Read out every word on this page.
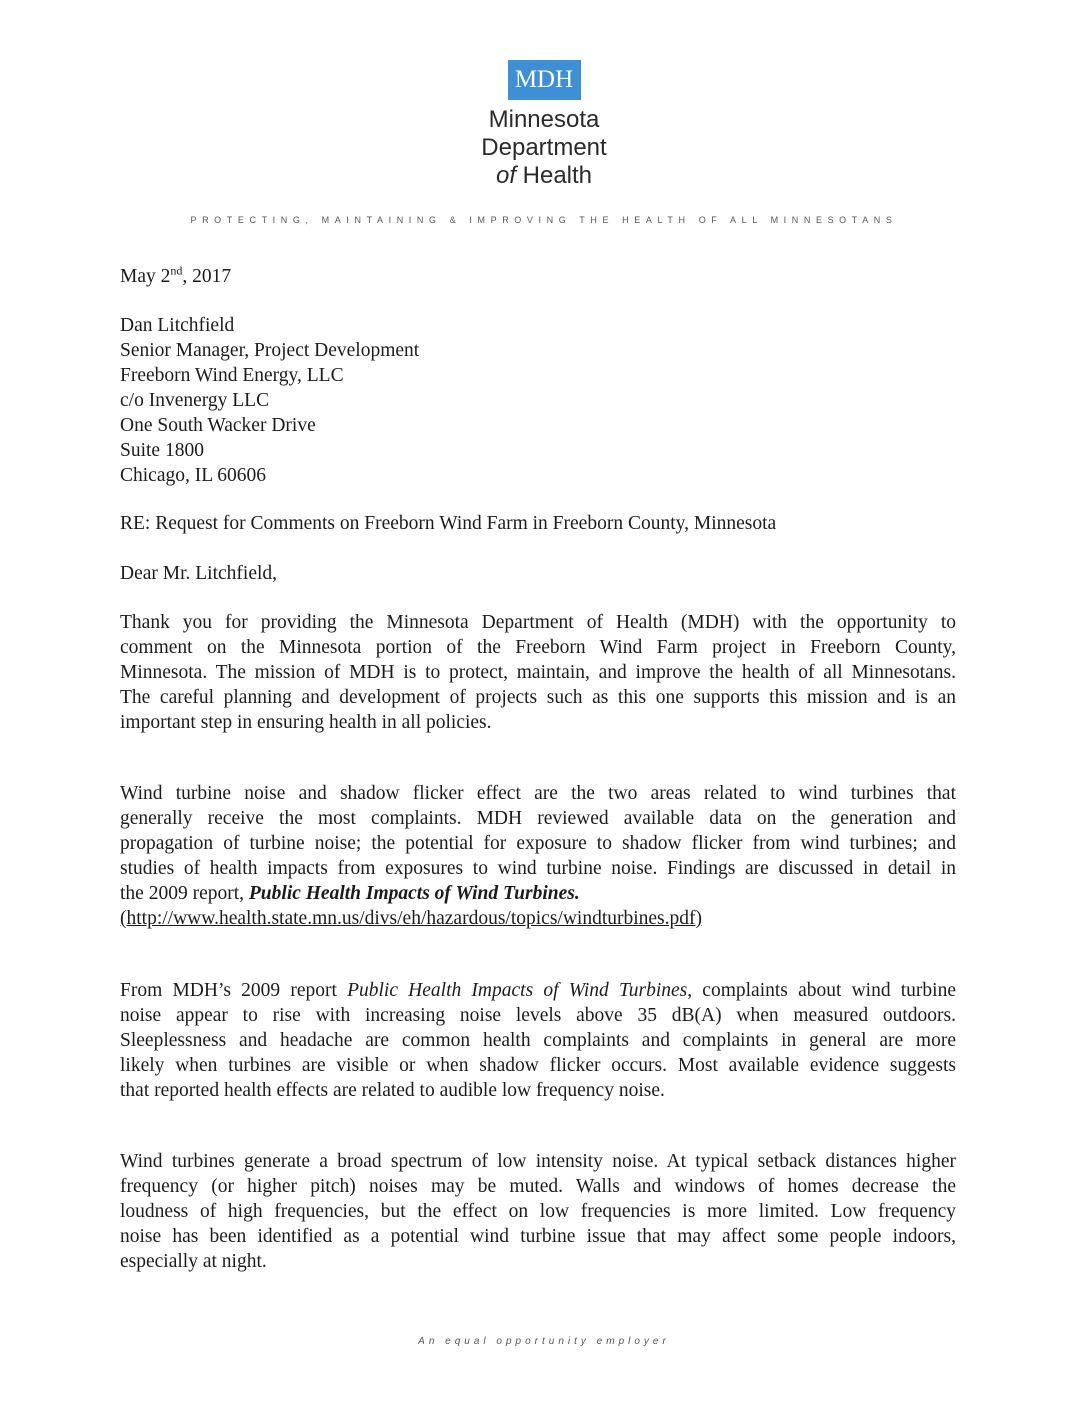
MDH
Minnesota
Department
of Health
PROTECTING, MAINTAINING & IMPROVING THE HEALTH OF ALL MINNESOTANS
May 2nd, 2017
Dan Litchfield
Senior Manager, Project Development
Freeborn Wind Energy, LLC
c/o Invenergy LLC
One South Wacker Drive
Suite 1800
Chicago, IL 60606
RE: Request for Comments on Freeborn Wind Farm in Freeborn County, Minnesota
Dear Mr. Litchfield,
Thank you for providing the Minnesota Department of Health (MDH) with the opportunity to
comment on the Minnesota portion of the Freeborn Wind Farm project in Freeborn County,
Minnesota. The mission of MDH is to protect, maintain, and improve the health of all Minnesotans.
The careful planning and development of projects such as this one supports this mission and is an
important step in ensuring health in all policies.
Wind turbine noise and shadow flicker effect are the two areas related to wind turbines that
generally receive the most complaints. MDH reviewed available data on the generation and
propagation of turbine noise; the potential for exposure to shadow flicker from wind turbines; and
studies of health impacts from exposures to wind turbine noise. Findings are discussed in detail in
the 2009 report, Public Health Impacts of Wind Turbines.
(http://www.health.state.mn.us/divs/eh/hazardous/topics/windturbines.pdf)
From MDH’s 2009 report Public Health Impacts of Wind Turbines, complaints about wind turbine
noise appear to rise with increasing noise levels above 35 dB(A) when measured outdoors.
Sleeplessness and headache are common health complaints and complaints in general are more
likely when turbines are visible or when shadow flicker occurs. Most available evidence suggests
that reported health effects are related to audible low frequency noise.
Wind turbines generate a broad spectrum of low intensity noise. At typical setback distances higher
frequency (or higher pitch) noises may be muted. Walls and windows of homes decrease the
loudness of high frequencies, but the effect on low frequencies is more limited. Low frequency
noise has been identified as a potential wind turbine issue that may affect some people indoors,
especially at night.
An equal opportunity employer
